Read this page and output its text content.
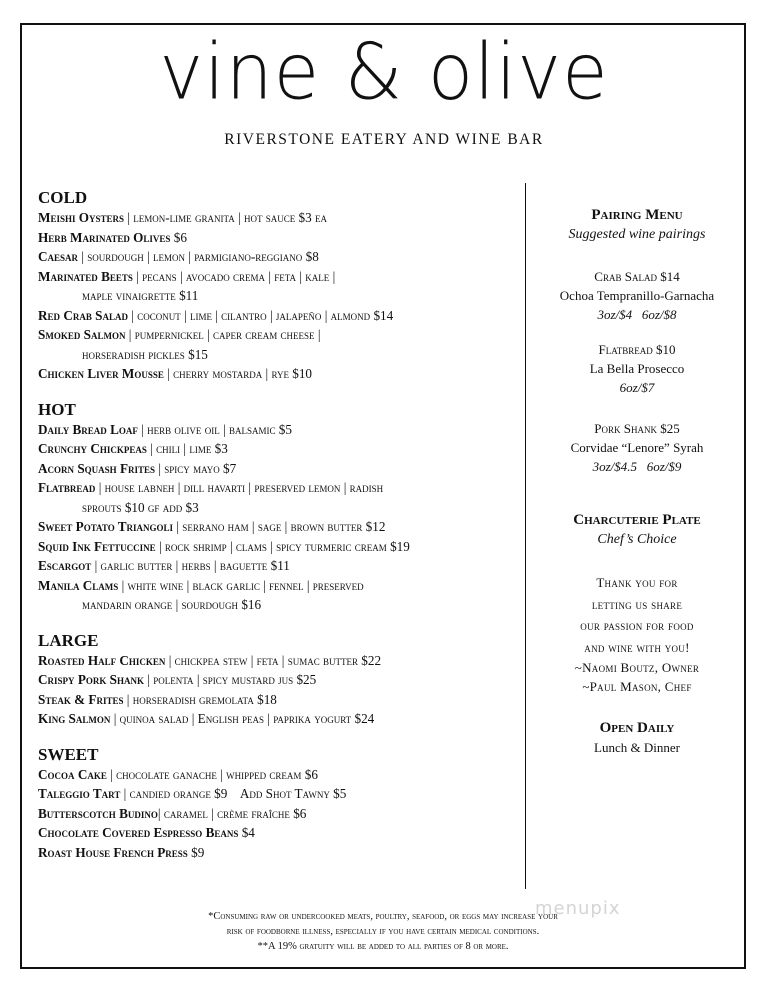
vine & olive
RIVERSTONE EATERY AND WINE BAR
COLD
Meishi Oysters | lemon-lime granita | hot sauce $3 ea
Herb Marinated Olives $6
Caesar | sourdough | lemon | parmigiano-reggiano $8
Marinated Beets | pecans | avocado crema | feta | kale |
maple vinaigrette $11
Red Crab Salad | coconut | lime | cilantro | jalapeño | almond $14
Smoked Salmon | pumpernickel | caper cream cheese |
horseradish pickles $15
Chicken Liver Mousse | cherry mostarda | rye $10
HOT
Daily Bread Loaf | herb olive oil | balsamic $5
Crunchy Chickpeas | chili | lime $3
Acorn Squash Frites | spicy mayo $7
Flatbread | house labneh | dill havarti | preserved lemon | radish
sprouts $10 gf add $3
Sweet Potato Triangoli | serrano ham | sage | brown butter $12
Squid Ink Fettuccine | rock shrimp | clams | spicy turmeric cream $19
Escargot | garlic butter | herbs | baguette $11
Manila Clams | white wine | black garlic | fennel | preserved
mandarin orange | sourdough $16
LARGE
Roasted Half Chicken | chickpea stew | feta | sumac butter $22
Crispy Pork Shank | polenta | spicy mustard jus $25
Steak & Frites | horseradish gremolata $18
King Salmon | quinoa salad | English peas | paprika yogurt $24
SWEET
Cocoa Cake | chocolate ganache | whipped cream $6
Taleggio Tart | candied orange $9    Add Shot Tawny $5
Butterscotch Budino| caramel | crème fraîche $6
Chocolate Covered Espresso Beans $4
Roast House French Press $9
Pairing Menu
Suggested wine pairings
Crab Salad $14
Ochoa Tempranillo-Garnacha
3oz/$4   6oz/$8
Flatbread $10
La Bella Prosecco
6oz/$7
Pork Shank $25
Corvidae “Lenore” Syrah
3oz/$4.5   6oz/$9
Charcuterie Plate
Chef’s Choice
Thank you for
letting us share
our passion for food
and wine with you!
~Naomi Boutz, Owner
~Paul Mason, Chef
Open Daily
Lunch & Dinner
*Consuming raw or undercooked meats, poultry, seafood, or eggs may increase your
risk of foodborne illness, especially if you have certain medical conditions.
**A 19% gratuity will be added to all parties of 8 or more.
menupix
